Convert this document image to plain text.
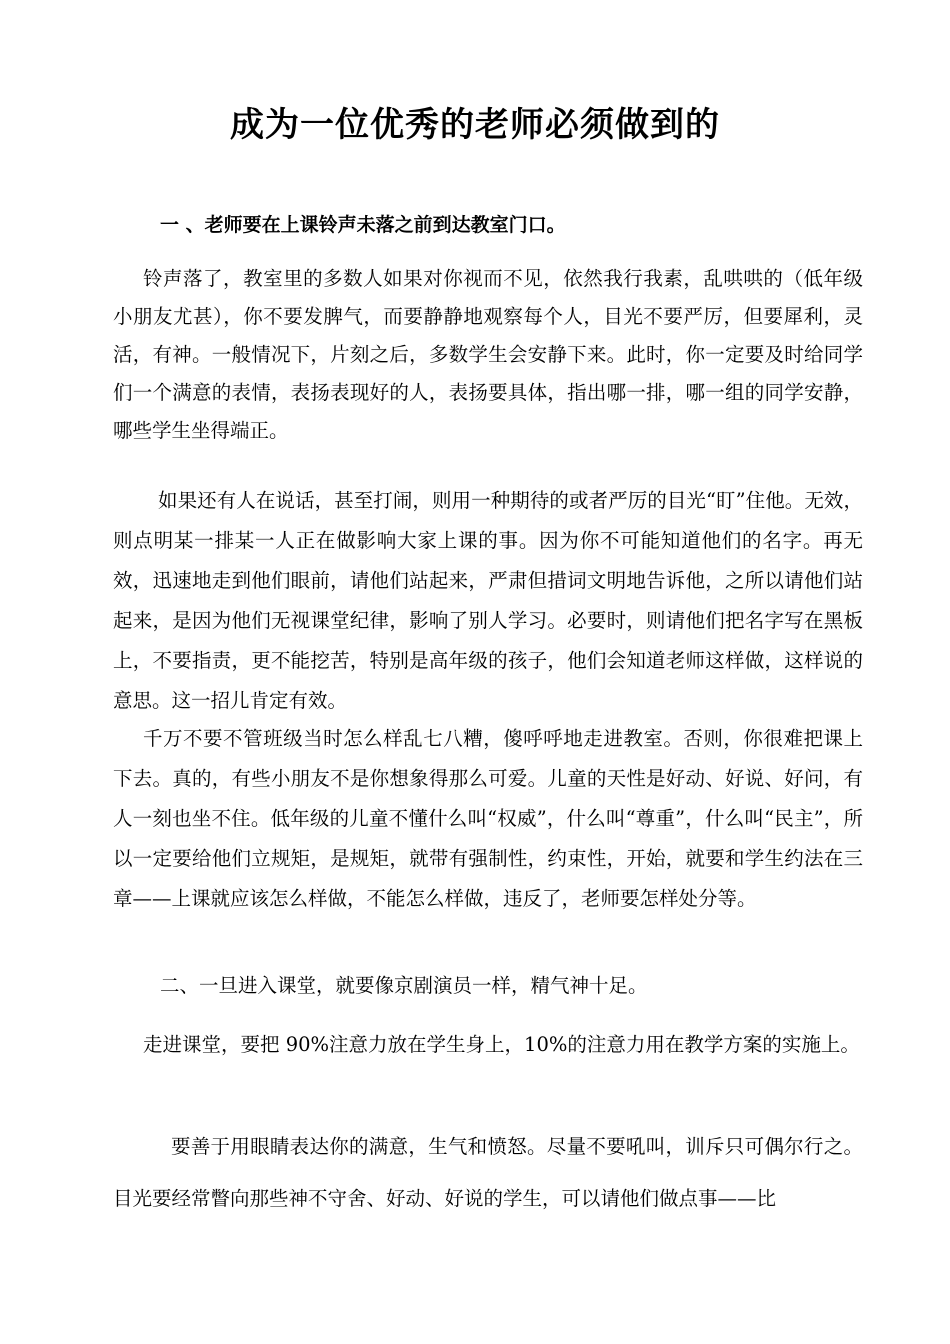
成为一位优秀的老师必须做到的

一 、老师要在上课铃声未落之前到达教室门口。

铃声落了，教室里的多数人如果对你视而不见，依然我行我素，乱哄哄的（低年级小朋友尤甚），你不要发脾气，而要静静地观察每个人，目光不要严厉，但要犀利，灵活，有神。一般情况下，片刻之后，多数学生会安静下来。此时，你一定要及时给同学们一个满意的表情，表扬表现好的人，表扬要具体，指出哪一排，哪一组的同学安静，哪些学生坐得端正。

如果还有人在说话，甚至打闹，则用一种期待的或者严厉的目光“盯”住他。无效，则点明某一排某一人正在做影响大家上课的事。因为你不可能知道他们的名字。再无效，迅速地走到他们眼前，请他们站起来，严肃但措词文明地告诉他，之所以请他们站起来，是因为他们无视课堂纪律，影响了别人学习。必要时，则请他们把名字写在黑板上，不要指责，更不能挖苦，特别是高年级的孩子，他们会知道老师这样做，这样说的意思。这一招儿肯定有效。

千万不要不管班级当时怎么样乱七八糟，傻呼呼地走进教室。否则，你很难把课上下去。真的，有些小朋友不是你想象得那么可爱。儿童的天性是好动、好说、好问，有人一刻也坐不住。低年级的儿童不懂什么叫“权威”，什么叫“尊重”，什么叫“民主”，所以一定要给他们立规矩，是规矩，就带有强制性，约束性，开始，就要和学生约法在三章——上课就应该怎么样做，不能怎么样做，违反了，老师要怎样处分等。

二、一旦进入课堂，就要像京剧演员一样，精气神十足。

走进课堂，要把 90%注意力放在学生身上，10%的注意力用在教学方案的实施上。

要善于用眼睛表达你的满意，生气和愤怒。尽量不要吼叫，训斥只可偶尔行之。目光要经常瞥向那些神不守舍、好动、好说的学生，可以请他们做点事——比
